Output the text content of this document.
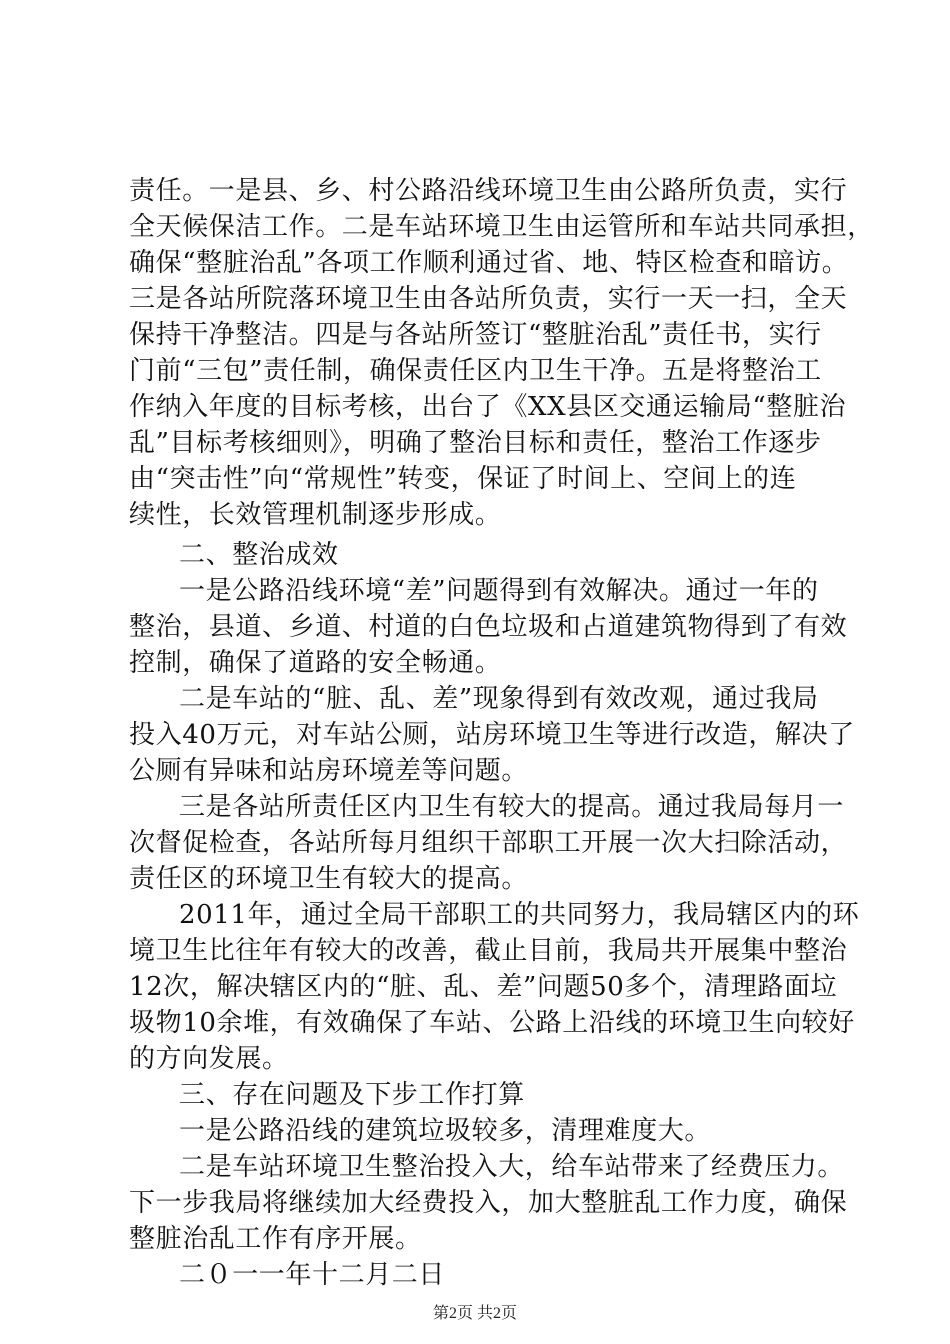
责任。一是县、乡、村公路沿线环境卫生由公路所负责，实行
全天候保洁工作。二是车站环境卫生由运管所和车站共同承担，
确保“整脏治乱”各项工作顺利通过省、地、特区检查和暗访。
三是各站所院落环境卫生由各站所负责，实行一天一扫，全天
保持干净整洁。四是与各站所签订“整脏治乱”责任书，实行
门前“三包”责任制，确保责任区内卫生干净。五是将整治工
作纳入年度的目标考核，出台了《XX县区交通运输局“整脏治
乱”目标考核细则》，明确了整治目标和责任，整治工作逐步
由“突击性”向“常规性”转变，保证了时间上、空间上的连
续性，长效管理机制逐步形成。
二、整治成效
一是公路沿线环境“差”问题得到有效解决。通过一年的
整治，县道、乡道、村道的白色垃圾和占道建筑物得到了有效
控制，确保了道路的安全畅通。
二是车站的“脏、乱、差”现象得到有效改观，通过我局
投入40万元，对车站公厕，站房环境卫生等进行改造，解决了
公厕有异味和站房环境差等问题。
三是各站所责任区内卫生有较大的提高。通过我局每月一
次督促检查，各站所每月组织干部职工开展一次大扫除活动，
责任区的环境卫生有较大的提高。
2011年，通过全局干部职工的共同努力，我局辖区内的环
境卫生比往年有较大的改善，截止目前，我局共开展集中整治
12次，解决辖区内的“脏、乱、差”问题50多个，清理路面垃
圾物10余堆，有效确保了车站、公路上沿线的环境卫生向较好
的方向发展。
三、存在问题及下步工作打算
一是公路沿线的建筑垃圾较多，清理难度大。
二是车站环境卫生整治投入大，给车站带来了经费压力。
下一步我局将继续加大经费投入，加大整脏乱工作力度，确保
整脏治乱工作有序开展。
二０一一年十二月二日
第2页 共2页
